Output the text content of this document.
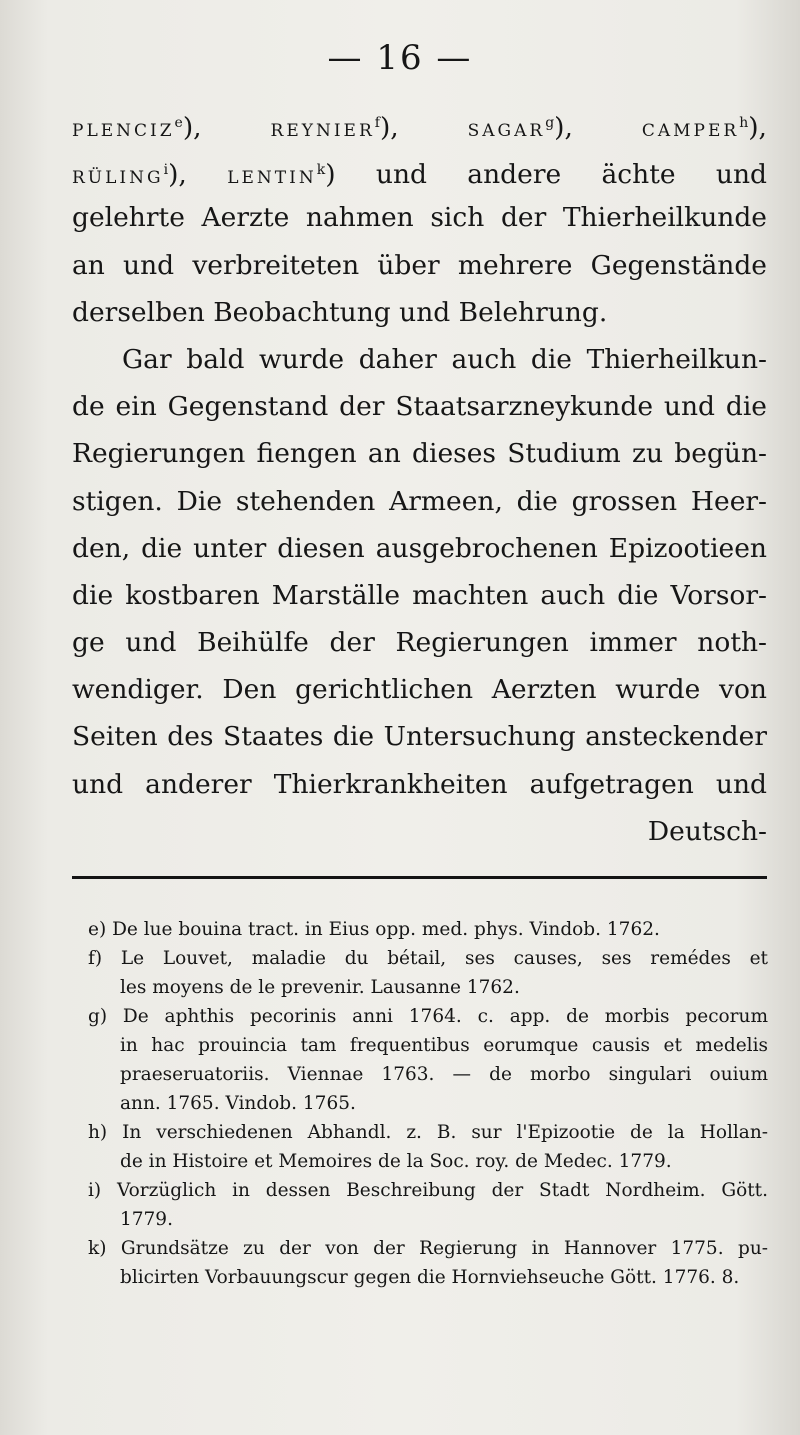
— 16 —
PLENCIZ$^e$),	REYNIER$^f$),	SAGAR$^g$),	CAMPER$^h$),
RÜLING$^i$), LENTIN$^k$) und andere ächte und
gelehrte Aerzte nahmen sich der Thierheilkunde
an und verbreiteten über mehrere Gegenstände
derselben Beobachtung und Belehrung.
Gar bald wurde daher auch die Thierheilkun-
de ein Gegenstand der Staatsarzneykunde und die
Regierungen fiengen an dieses Studium zu begün-
stigen. Die stehenden Armeen, die grossen Heer-
den, die unter diesen ausgebrochenen Epizootieen
die kostbaren Marställe machten auch die Vorsor-
ge und Beihülfe der Regierungen immer noth-
wendiger. Den gerichtlichen Aerzten wurde von
Seiten des Staates die Untersuchung ansteckender
und anderer Thierkrankheiten aufgetragen und
Deutsch-
e) De lue bouina tract. in Eius opp. med. phys. Vindob. 1762.
f) Le Louvet, maladie du bétail, ses causes, ses remédes et
les moyens de le prevenir. Lausanne 1762.
g) De aphthis pecorinis anni 1764. c. app. de morbis pecorum
in hac prouincia tam frequentibus eorumque causis et medelis
praeseruatoriis. Viennae 1763. — de morbo singulari ouium
ann. 1765. Vindob. 1765.
h) In verschiedenen Abhandl. z. B. sur l'Epizootie de la Hollan-
de in Histoire et Memoires de la Soc. roy. de Medec. 1779.
i) Vorzüglich in dessen Beschreibung der Stadt Nordheim. Gött.
1779.
k) Grundsätze zu der von der Regierung in Hannover 1775. pu-
blicirten Vorbauungscur gegen die Hornviehseuche Gött. 1776. 8.
